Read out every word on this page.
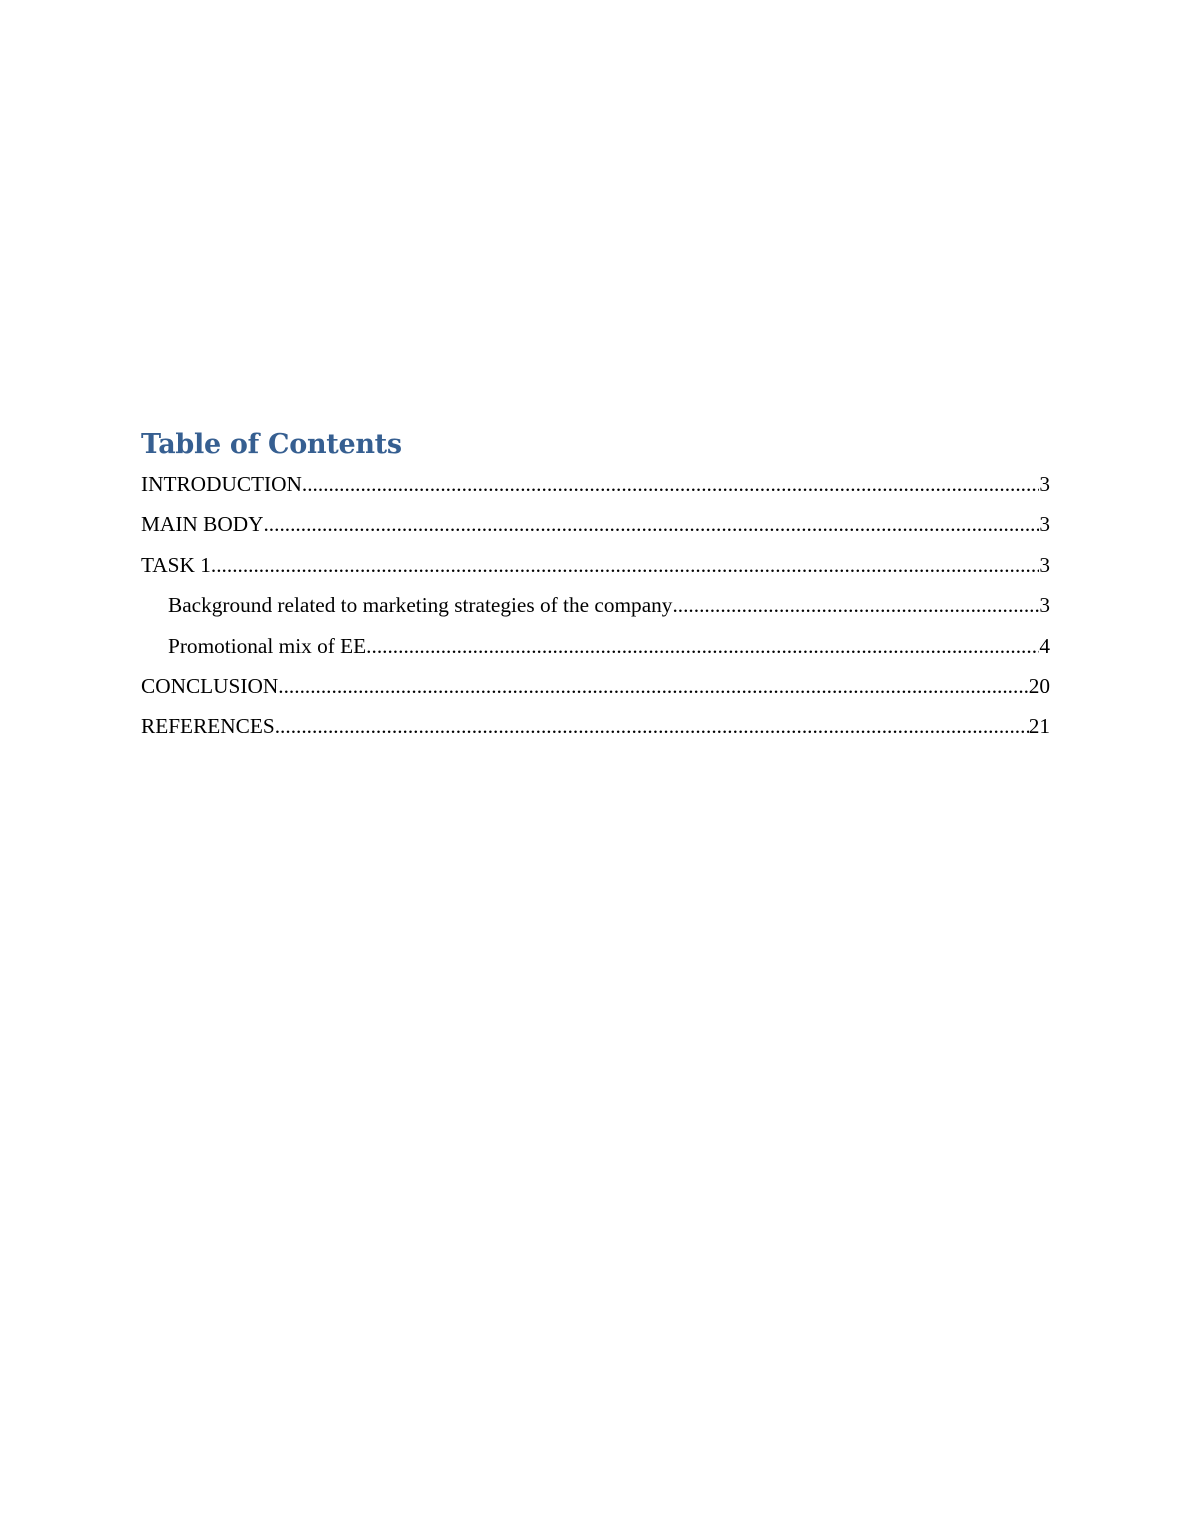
Table of Contents
INTRODUCTION .....	3
MAIN BODY .....	3
TASK 1 .....	3
Background related to marketing strategies of the company .....	3
Promotional mix of EE .....	4
CONCLUSION .....	20
REFERENCES .....	21
